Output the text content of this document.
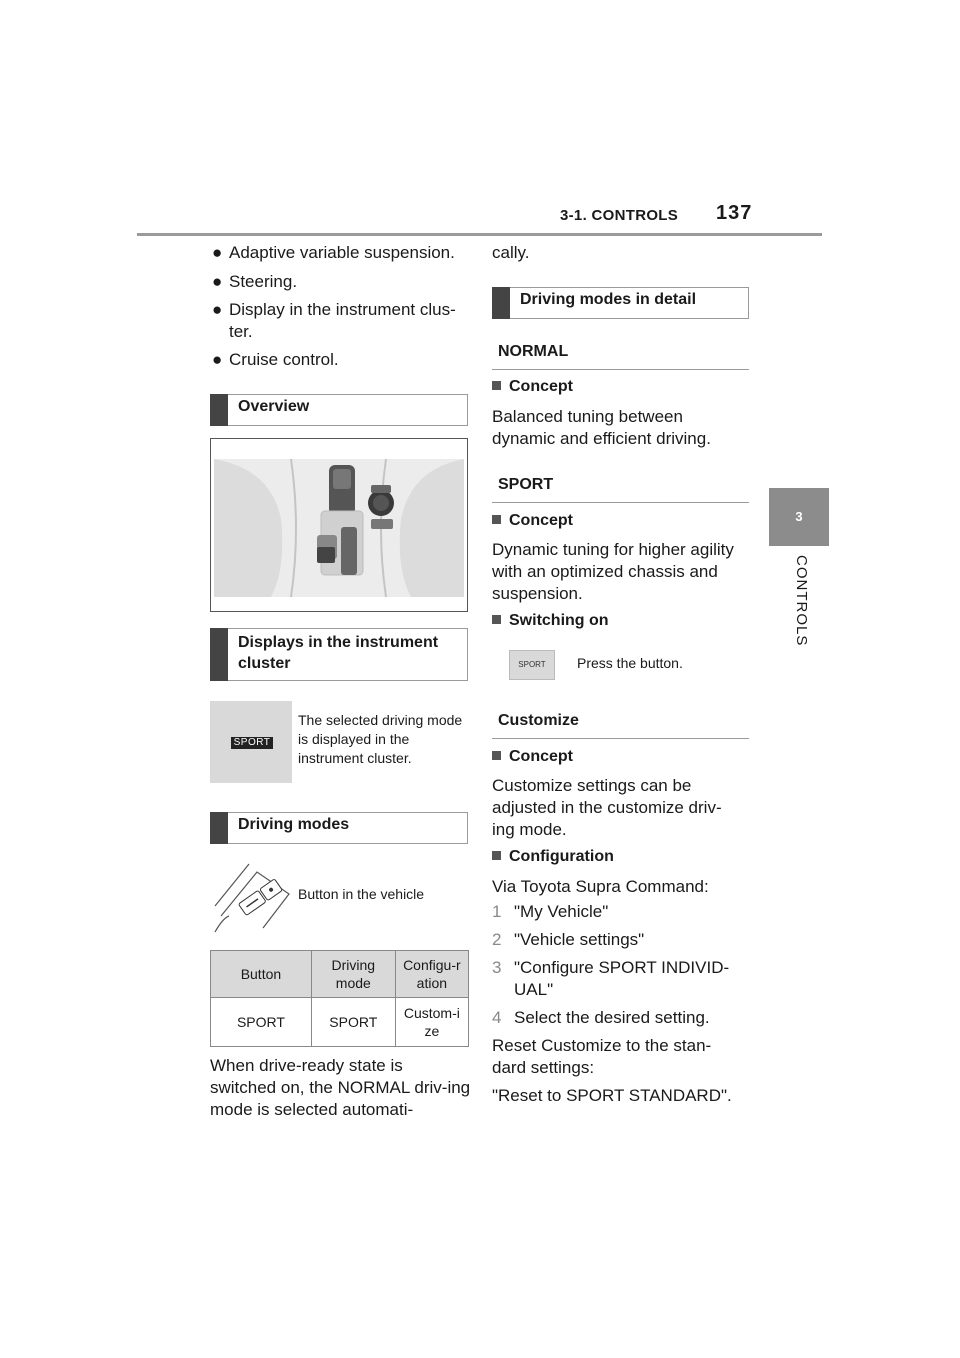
3-1. CONTROLS 137
3
CONTROLS
● Adaptive variable suspension.
● Steering.
● Display in the instrument clus-ter.
● Cruise control.
Overview
Displays in the instrument cluster
SPORT
The selected driving mode is displayed in the instrument cluster.
Driving modes
Button in the vehicle
Button	Driving mode	Configu-ration
SPORT	SPORT	Custom-ize
When drive-ready state is switched on, the NORMAL driv-ing mode is selected automati-
cally.
Driving modes in detail
NORMAL
Concept
Balanced tuning between dynamic and efficient driving.
SPORT
Concept
Dynamic tuning for higher agility with an optimized chassis and suspension.
Switching on
SPORT	Press the button.
Customize
Concept
Customize settings can be adjusted in the customize driv-ing mode.
Configuration
Via Toyota Supra Command:
1 "My Vehicle"
2 "Vehicle settings"
3 "Configure SPORT INDIVID-UAL"
4 Select the desired setting.
Reset Customize to the stan-dard settings:
"Reset to SPORT STANDARD".
